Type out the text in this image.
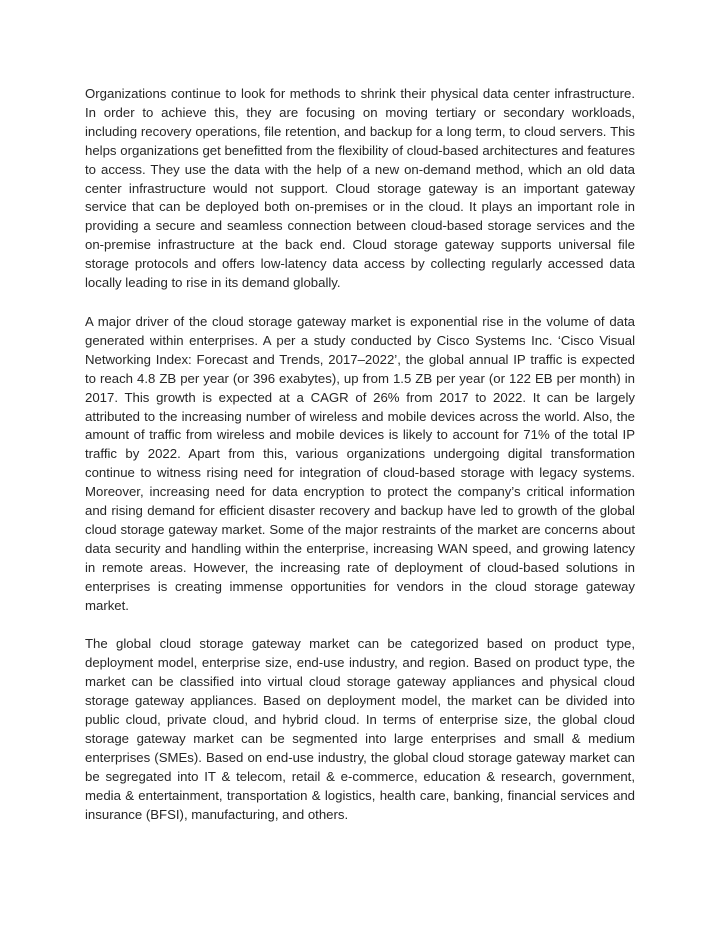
Organizations continue to look for methods to shrink their physical data center infrastructure. In order to achieve this, they are focusing on moving tertiary or secondary workloads, including recovery operations, file retention, and backup for a long term, to cloud servers. This helps organizations get benefitted from the flexibility of cloud-based architectures and features to access. They use the data with the help of a new on-demand method, which an old data center infrastructure would not support. Cloud storage gateway is an important gateway service that can be deployed both on-premises or in the cloud. It plays an important role in providing a secure and seamless connection between cloud-based storage services and the on-premise infrastructure at the back end. Cloud storage gateway supports universal file storage protocols and offers low-latency data access by collecting regularly accessed data locally leading to rise in its demand globally.

A major driver of the cloud storage gateway market is exponential rise in the volume of data generated within enterprises. A per a study conducted by Cisco Systems Inc. ‘Cisco Visual Networking Index: Forecast and Trends, 2017–2022’, the global annual IP traffic is expected to reach 4.8 ZB per year (or 396 exabytes), up from 1.5 ZB per year (or 122 EB per month) in 2017. This growth is expected at a CAGR of 26% from 2017 to 2022. It can be largely attributed to the increasing number of wireless and mobile devices across the world. Also, the amount of traffic from wireless and mobile devices is likely to account for 71% of the total IP traffic by 2022. Apart from this, various organizations undergoing digital transformation continue to witness rising need for integration of cloud-based storage with legacy systems. Moreover, increasing need for data encryption to protect the company’s critical information and rising demand for efficient disaster recovery and backup have led to growth of the global cloud storage gateway market. Some of the major restraints of the market are concerns about data security and handling within the enterprise, increasing WAN speed, and growing latency in remote areas. However, the increasing rate of deployment of cloud-based solutions in enterprises is creating immense opportunities for vendors in the cloud storage gateway market.

The global cloud storage gateway market can be categorized based on product type, deployment model, enterprise size, end-use industry, and region. Based on product type, the market can be classified into virtual cloud storage gateway appliances and physical cloud storage gateway appliances. Based on deployment model, the market can be divided into public cloud, private cloud, and hybrid cloud. In terms of enterprise size, the global cloud storage gateway market can be segmented into large enterprises and small & medium enterprises (SMEs). Based on end-use industry, the global cloud storage gateway market can be segregated into IT & telecom, retail & e-commerce, education & research, government, media & entertainment, transportation & logistics, health care, banking, financial services and insurance (BFSI), manufacturing, and others.
